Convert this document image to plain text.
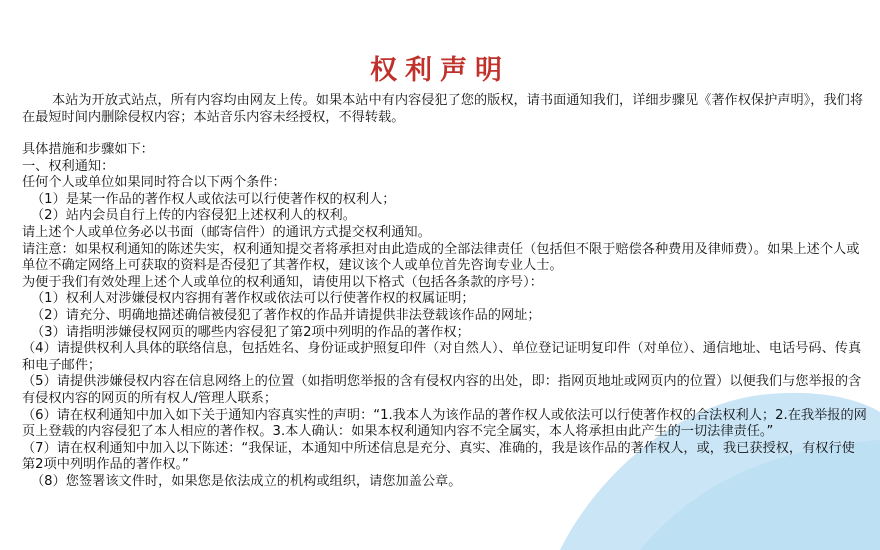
权利声明

本站为开放式站点，所有内容均由网友上传。如果本站中有内容侵犯了您的版权，请书面通知我们，详细步骤见《著作权保护声明》，我们将在最短时间内删除侵权内容；本站音乐内容未经授权，不得转载。

具体措施和步骤如下：

一、权利通知：

任何个人或单位如果同时符合以下两个条件：

（1）是某一作品的著作权人或依法可以行使著作权的权利人；

（2）站内会员自行上传的内容侵犯上述权利人的权利。

请上述个人或单位务必以书面（邮寄信件）的通讯方式提交权利通知。

请注意：如果权利通知的陈述失实，权利通知提交者将承担对由此造成的全部法律责任（包括但不限于赔偿各种费用及律师费）。如果上述个人或单位不确定网络上可获取的资料是否侵犯了其著作权，建议该个人或单位首先咨询专业人士。

为便于我们有效处理上述个人或单位的权利通知，请使用以下格式（包括各条款的序号）：

（1）权利人对涉嫌侵权内容拥有著作权或依法可以行使著作权的权属证明；

（2）请充分、明确地描述确信被侵犯了著作权的作品并请提供非法登载该作品的网址；

（3）请指明涉嫌侵权网页的哪些内容侵犯了第2项中列明的作品的著作权；

（4）请提供权利人具体的联络信息，包括姓名、身份证或护照复印件（对自然人）、单位登记证明复印件（对单位）、通信地址、电话号码、传真和电子邮件；

（5）请提供涉嫌侵权内容在信息网络上的位置（如指明您举报的含有侵权内容的出处，即：指网页地址或网页内的位置）以便我们与您举报的含有侵权内容的网页的所有权人/管理人联系；

（6）请在权利通知中加入如下关于通知内容真实性的声明：“1.我本人为该作品的著作权人或依法可以行使著作权的合法权利人；2.在我举报的网页上登载的内容侵犯了本人相应的著作权。3.本人确认：如果本权利通知内容不完全属实，本人将承担由此产生的一切法律责任。”

（7）请在权利通知中加入以下陈述：“我保证，本通知中所述信息是充分、真实、准确的，我是该作品的著作权人，或，我已获授权，有权行使第2项中列明作品的著作权。”

（8）您签署该文件时，如果您是依法成立的机构或组织，请您加盖公章。
